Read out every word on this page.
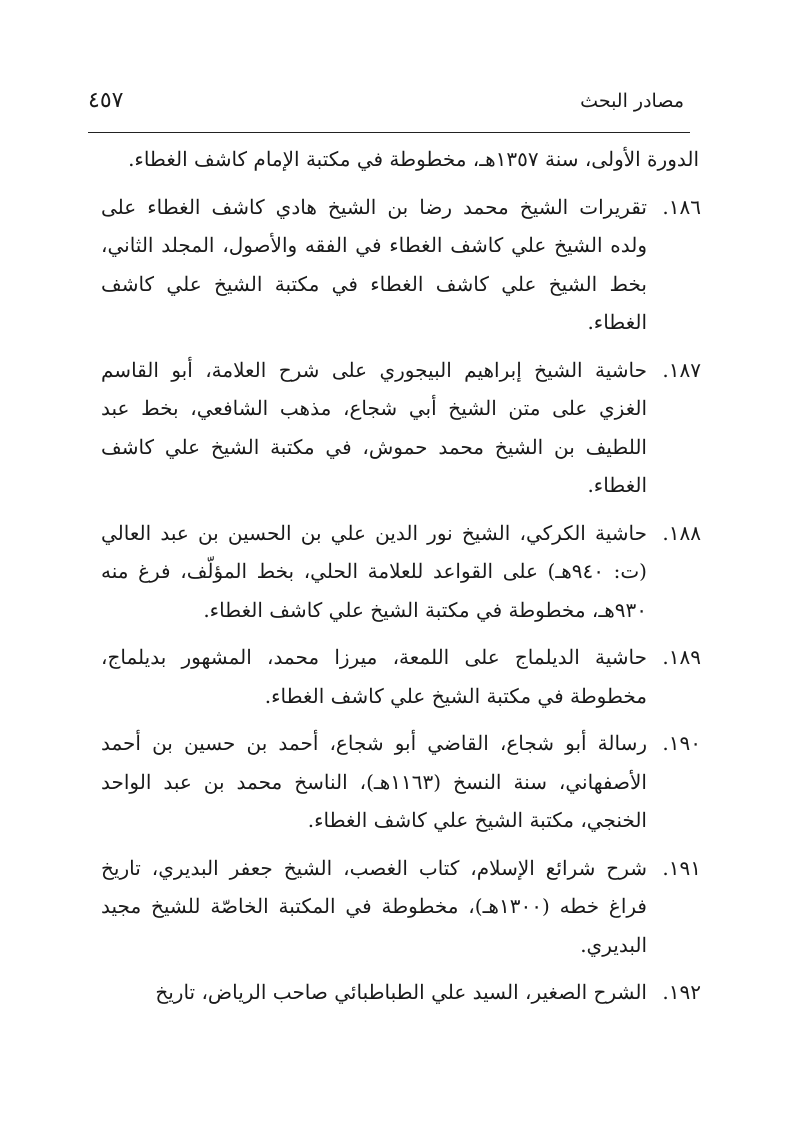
مصادر البحث
٤٥٧
الدورة الأولى، سنة ١٣٥٧هـ، مخطوطة في مكتبة الإمام كاشف الغطاء.
١٨٦.
تقريرات الشيخ محمد رضا بن الشيخ هادي كاشف الغطاء على ولده الشيخ علي كاشف الغطاء في الفقه والأصول، المجلد الثاني، بخط الشيخ علي كاشف الغطاء في مكتبة الشيخ علي كاشف الغطاء.
١٨٧.
حاشية الشيخ إبراهيم البيجوري على شرح العلامة، أبو القاسم الغزي على متن الشيخ أبي شجاع، مذهب الشافعي، بخط عبد اللطيف بن الشيخ محمد حموش، في مكتبة الشيخ علي كاشف الغطاء.
١٨٨.
حاشية الكركي، الشيخ نور الدين علي بن الحسين بن عبد العالي (ت: ٩٤٠هـ) على القواعد للعلامة الحلي، بخط المؤلّف، فرغ منه ٩٣٠هـ، مخطوطة في مكتبة الشيخ علي كاشف الغطاء.
١٨٩.
حاشية الديلماج على اللمعة، ميرزا محمد، المشهور بديلماج، مخطوطة في مكتبة الشيخ علي كاشف الغطاء.
١٩٠.
رسالة أبو شجاع، القاضي أبو شجاع، أحمد بن حسين بن أحمد الأصفهاني، سنة النسخ (١١٦٣هـ)، الناسخ محمد بن عبد الواحد الخنجي، مكتبة الشيخ علي كاشف الغطاء.
١٩١.
شرح شرائع الإسلام، كتاب الغصب، الشيخ جعفر البديري، تاريخ فراغ خطه (١٣٠٠هـ)، مخطوطة في المكتبة الخاصّة للشيخ مجيد البديري.
١٩٢.
الشرح الصغير، السيد علي الطباطبائي صاحب الرياض، تاريخ
